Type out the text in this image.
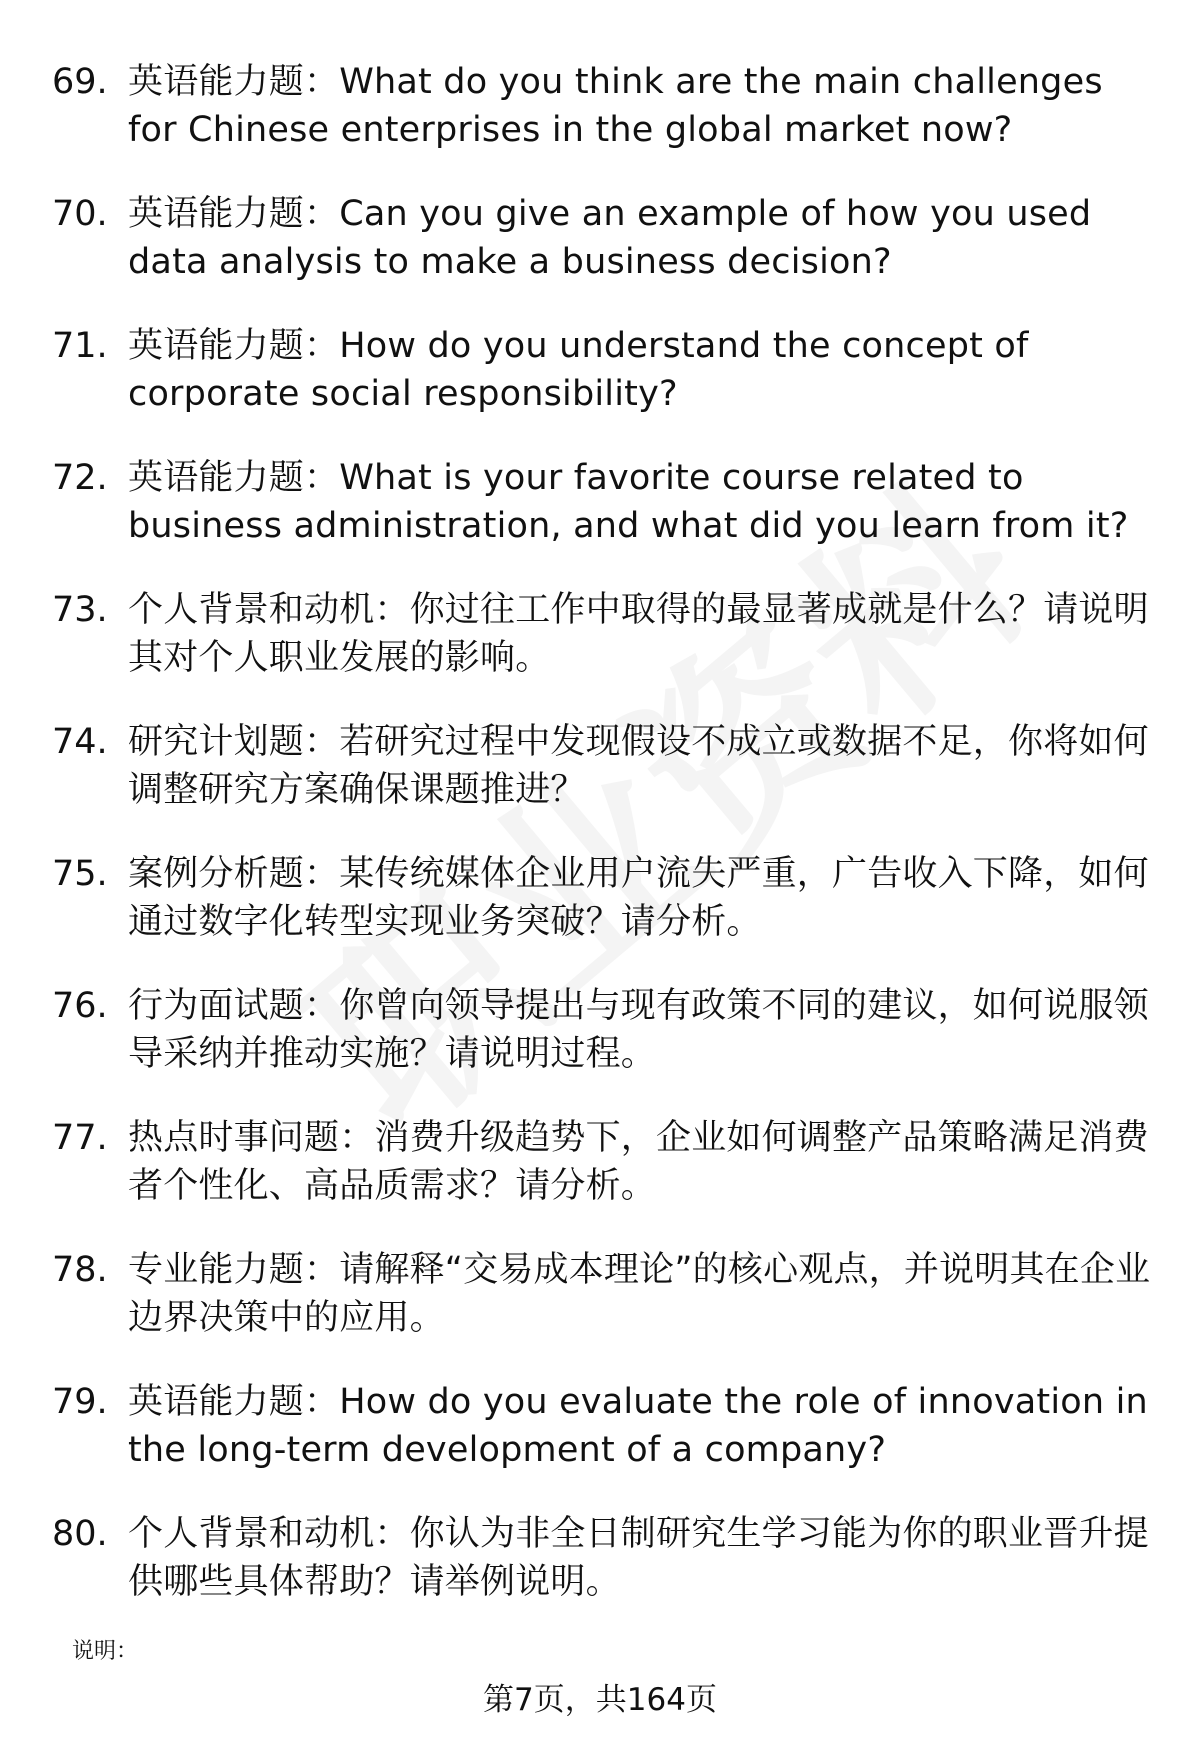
69. 英语能力题：What do you think are the main challenges for Chinese enterprises in the global market now?
70. 英语能力题：Can you give an example of how you used data analysis to make a business decision?
71. 英语能力题：How do you understand the concept of corporate social responsibility?
72. 英语能力题：What is your favorite course related to business administration, and what did you learn from it?
73. 个人背景和动机：你过往工作中取得的最显著成就是什么？请说明其对个人职业发展的影响。
74. 研究计划题：若研究过程中发现假设不成立或数据不足，你将如何调整研究方案确保课题推进？
75. 案例分析题：某传统媒体企业用户流失严重，广告收入下降，如何通过数字化转型实现业务突破？请分析。
76. 行为面试题：你曾向领导提出与现有政策不同的建议，如何说服领导采纳并推动实施？请说明过程。
77. 热点时事问题：消费升级趋势下，企业如何调整产品策略满足消费者个性化、高品质需求？请分析。
78. 专业能力题：请解释“交易成本理论”的核心观点，并说明其在企业边界决策中的应用。
79. 英语能力题：How do you evaluate the role of innovation in the long-term development of a company?
80. 个人背景和动机：你认为非全日制研究生学习能为你的职业晋升提供哪些具体帮助？请举例说明。
说明：
第7页，共164页
